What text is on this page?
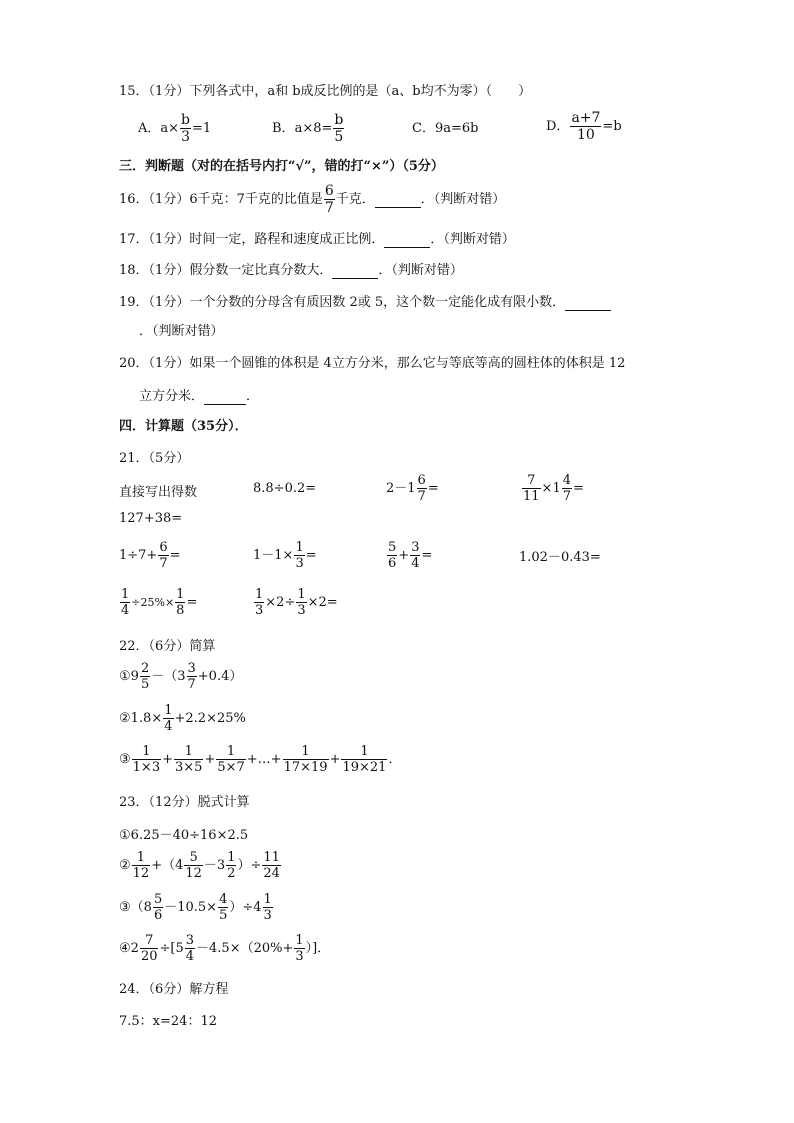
15．（1分）下列各式中，a和 b成反比例的是（a、b均不为零）（　　）
A．$a\times \frac{b}{3} =1$	B．$a\times 8= \frac{b}{5}$	C．9a=6b	D． $\frac{a+7}{10} =b$
三．判断题（对的在括号内打“√”，错的打“×”）（5分）
16．（1分）6千克：7千克的比值是 $\frac{6}{7}$ 千克．	．（判断对错）
17．（1分）时间一定，路程和速度成正比例．	．（判断对错）
18．（1分）假分数一定比真分数大．	．（判断对错）
19．（1分）一个分数的分母含有质因数 2或 5，这个数一定能化成有限小数．
．（判断对错）
20．（1分）如果一个圆锥的体积是 4立方分米，那么它与等底等高的圆柱体的体积是 12
立方分米．	．
四．计算题（35分）．
21．（5分）
直接写出得数	8.8÷0.2=	$2-1 \frac{6}{7}$ =	$\frac{7}{11} \times 1 \frac{4}{7}$ =
127+38=
$1\div 7+ \frac{6}{7}$ =	$1-1\times \frac{1}{3}$ =	$\frac{5}{6} + \frac{3}{4}$ =	1.02－0.43=
$\frac{1}{4} \div 25\%\times \frac{1}{8}$ =	$\frac{1}{3} \times 2\div \frac{1}{3} \times 2=$
22．（6分）简算
①9 $\frac{2}{5} -(3 \frac{3}{7} +0.4)$
②1.8× $\frac{1}{4} +2.2\times 25\%$
③ $\frac{1}{1\times 3} + \frac{1}{3\times 5} + \frac{1}{5\times 7}$ +…+ $\frac{1}{17\times 19} + \frac{1}{19\times 21}$ ．
23．（12分）脱式计算
①6.25－40÷16×2.5
② $\frac{1}{12} +(4 \frac{5}{12} -3 \frac{1}{2}$ ）÷ $\frac{11}{24}$
③（8 $\frac{5}{6} -10.5\times \frac{4}{5} )\div 4 \frac{1}{3}$
④2 $\frac{7}{20} \div[5 \frac{3}{4} -4.5\times(20\%+ \frac{1}{3}$ ）]．
24．（6分）解方程
7.5：x=24：12
